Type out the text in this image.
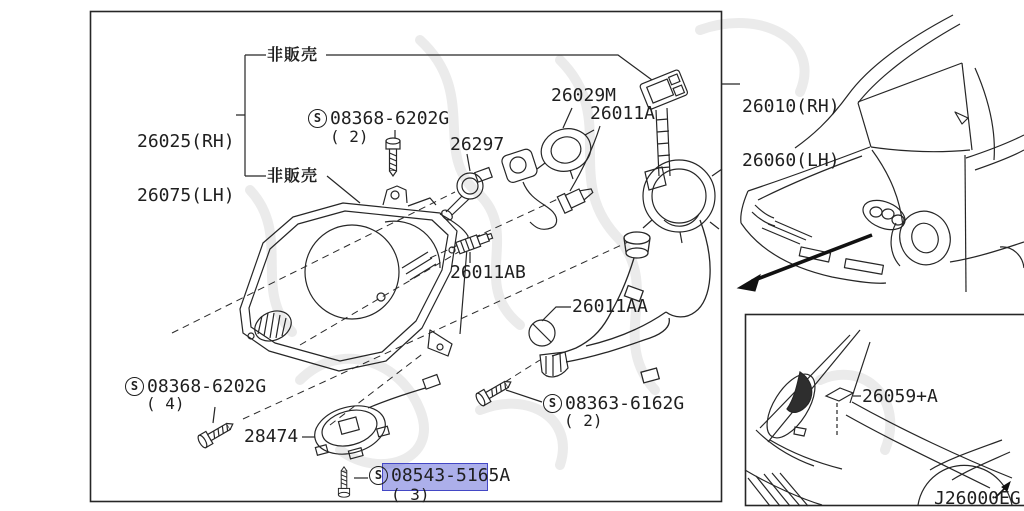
非販売
非販売

26025(RH)

26075(LH)

S 08368-6202G
( 2)	26297
26029M
26011A

	26010(RH)

26060(LH)

26011AB
26011AA
S 08363-6162G
( 2)
S 08368-6202G
( 4)
28474
S 08543-5165A
( 3)
26059+A
J26000EG
